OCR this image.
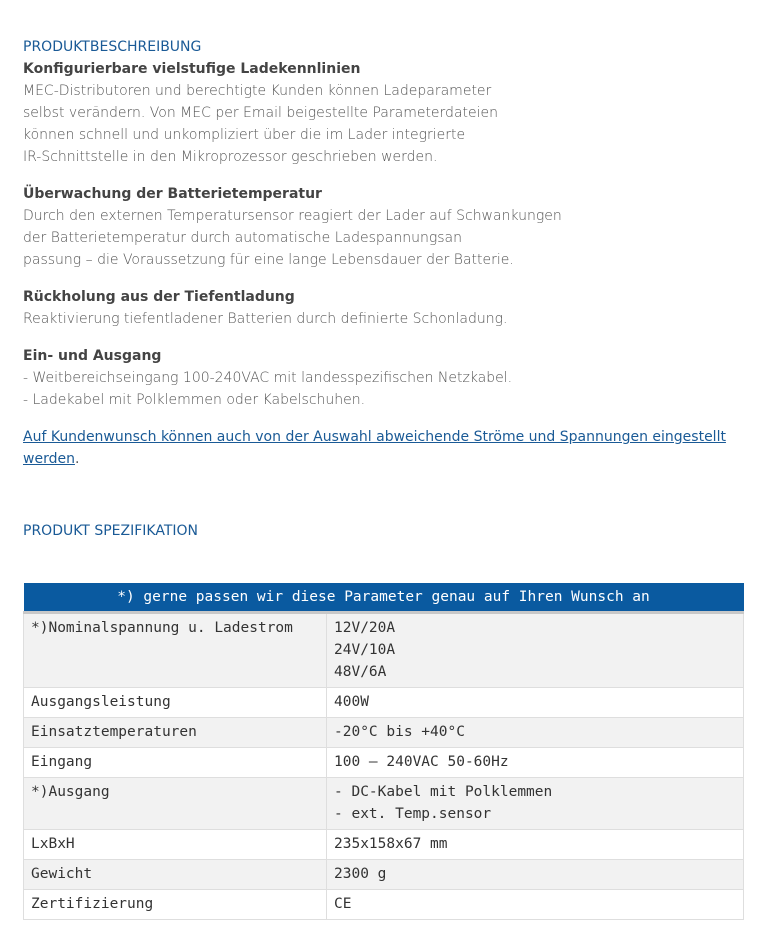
PRODUKTBESCHREIBUNG
Konfigurierbare vielstufige Ladekennlinien
MEC-Distributoren und berechtigte Kunden können Ladeparameter
selbst verändern. Von MEC per Email beigestellte Parameterdateien
können schnell und unkompliziert über die im Lader integrierte
IR-Schnittstelle in den Mikroprozessor geschrieben werden.
Überwachung der Batterietemperatur
Durch den externen Temperatursensor reagiert der Lader auf Schwankungen
der Batterietemperatur durch automatische Ladespannungsan
passung – die Voraussetzung für eine lange Lebensdauer der Batterie.
Rückholung aus der Tiefentladung
Reaktivierung tiefentladener Batterien durch definierte Schonladung.
Ein- und Ausgang
- Weitbereichseingang 100-240VAC mit landesspezifischen Netzkabel.
- Ladekabel mit Polklemmen oder Kabelschuhen.
Auf Kundenwunsch können auch von der Auswahl abweichende Ströme und Spannungen eingestellt
werden.
PRODUKT SPEZIFIKATION
*) gerne passen wir diese Parameter genau auf Ihren Wunsch an	
*)Nominalspannung u. Ladestrom	12V/20A
24V/10A
48V/6A

Ausgangsleistung	400W

Einsatztemperaturen	-20°C bis +40°C

Eingang	100 – 240VAC 50-60Hz

*)Ausgang	- DC-Kabel mit Polklemmen
- ext. Temp.sensor

LxBxH	235x158x67 mm

Gewicht	2300 g

Zertifizierung	CE
